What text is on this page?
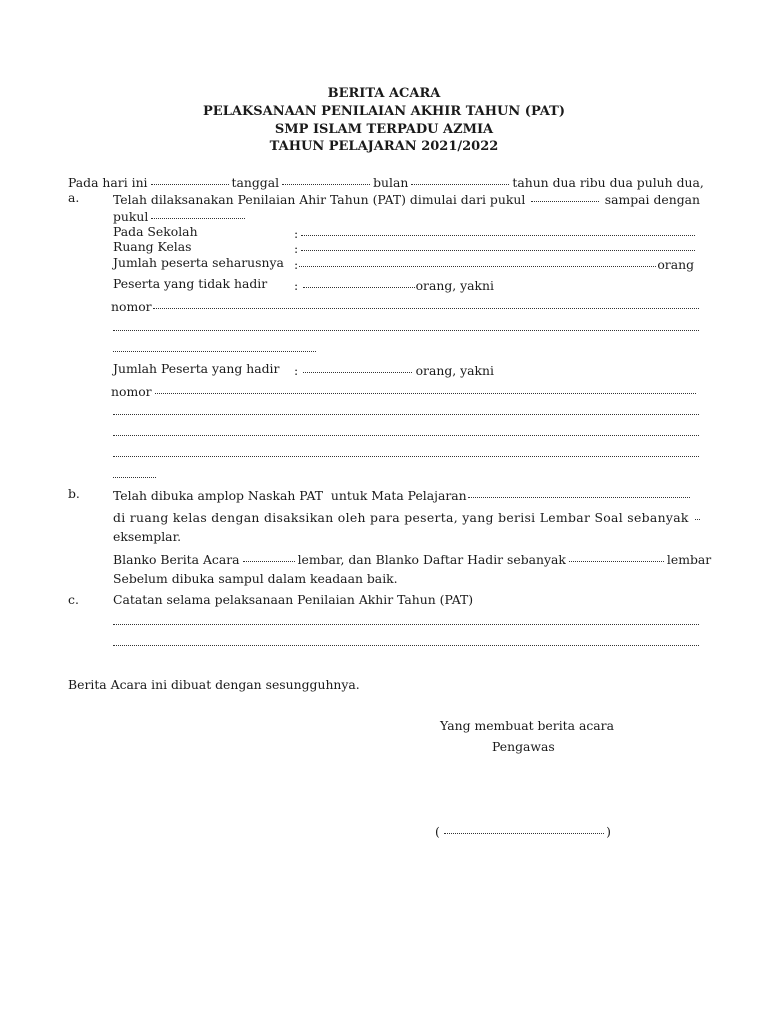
BERITA ACARA
PELAKSANAAN PENILAIAN AKHIR TAHUN (PAT)
SMP ISLAM TERPADU AZMIA
TAHUN PELAJARAN 2021/2022
Pada hari ini	tanggal	bulan	tahun dua ribu dua puluh dua,
a.	Telah dilaksanakan Penilaian Ahir Tahun (PAT) dimulai dari pukul	sampai dengan
pukul
Pada Sekolah	:
Ruang Kelas	:
Jumlah peserta seharusnya :	orang
Peserta yang tidak hadir :	orang, yakni
nomor
Jumlah Peserta yang hadir :	orang, yakni
nomor
b.	Telah dibuka amplop Naskah PAT  untuk Mata Pelajaran
di ruang kelas dengan disaksikan oleh para peserta, yang berisi Lembar Soal sebanyak
eksemplar.
Blanko Berita Acara	lembar, dan Blanko Daftar Hadir sebanyak	lembar
Sebelum dibuka sampul dalam keadaan baik.
c.	Catatan selama pelaksanaan Penilaian Akhir Tahun (PAT)
Berita Acara ini dibuat dengan sesungguhnya.
Yang membuat berita acara
Pengawas
(	)
